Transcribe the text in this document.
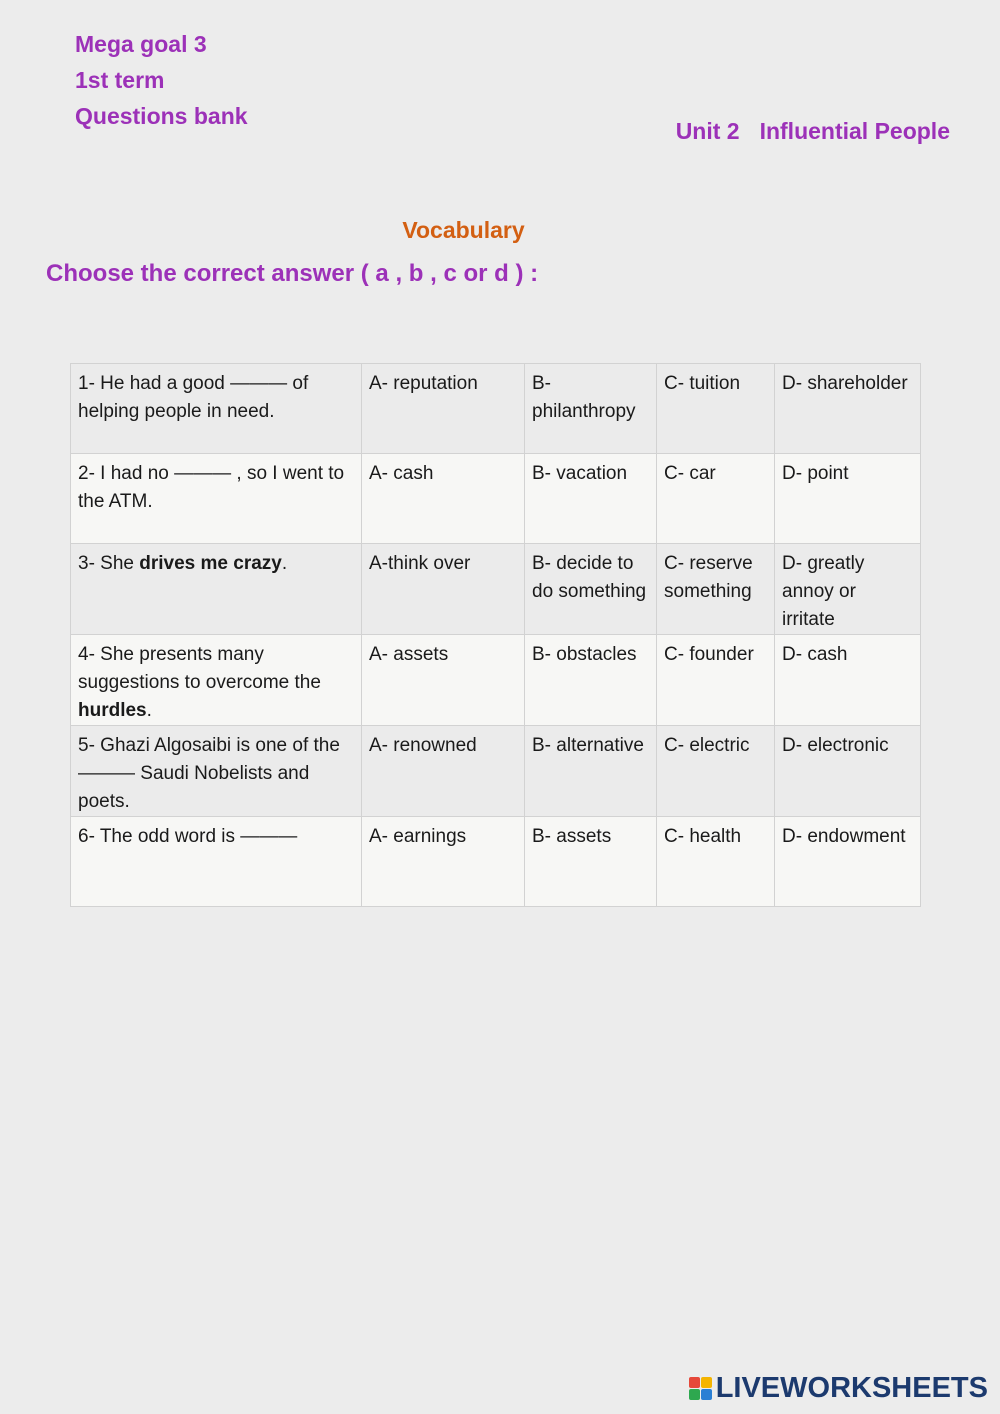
Mega goal 3
1st term
Questions bank
Unit 2 Influential People
Vocabulary
Choose the correct answer ( a , b , c or d ) :
1- He had a good ——— of helping people in need.	A- reputation	B- philanthropy	C- tuition	D- shareholder
2- I had no ——— , so I went to the ATM.	A- cash	B- vacation	C- car	D- point
3- She drives me crazy.	A-think over	B- decide to do something	C- reserve something	D- greatly annoy or irritate
4- She presents many suggestions to overcome the hurdles.	A- assets	B- obstacles	C- founder	D- cash
5- Ghazi Algosaibi is one of the ——— Saudi Nobelists and poets.	A- renowned	B- alternative	C- electric	D- electronic
6- The odd word is ———	A- earnings	B- assets	C- health	D- endowment
LIVEWORKSHEETS
